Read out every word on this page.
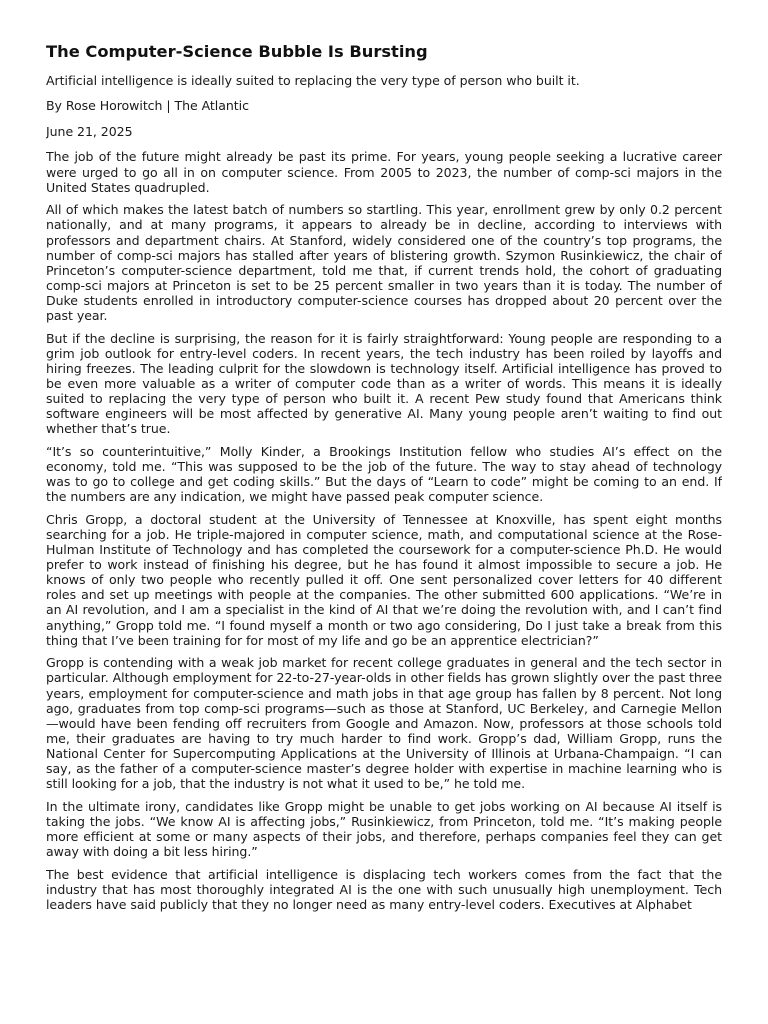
The Computer-Science Bubble Is Bursting

Artificial intelligence is ideally suited to replacing the very type of person who built it.

By Rose Horowitch | The Atlantic

June 21, 2025

The job of the future might already be past its prime. For years, young people seeking a lucrative career were urged to go all in on computer science. From 2005 to 2023, the number of comp-sci majors in the United States quadrupled.

All of which makes the latest batch of numbers so startling. This year, enrollment grew by only 0.2 percent nationally, and at many programs, it appears to already be in decline, according to interviews with professors and department chairs. At Stanford, widely considered one of the country’s top programs, the number of comp-sci majors has stalled after years of blistering growth. Szymon Rusinkiewicz, the chair of Princeton’s computer-science department, told me that, if current trends hold, the cohort of graduating comp-sci majors at Princeton is set to be 25 percent smaller in two years than it is today. The number of Duke students enrolled in introductory computer-science courses has dropped about 20 percent over the past year.

But if the decline is surprising, the reason for it is fairly straightforward: Young people are responding to a grim job outlook for entry-level coders. In recent years, the tech industry has been roiled by layoffs and hiring freezes. The leading culprit for the slowdown is technology itself. Artificial intelligence has proved to be even more valuable as a writer of computer code than as a writer of words. This means it is ideally suited to replacing the very type of person who built it. A recent Pew study found that Americans think software engineers will be most affected by generative AI. Many young people aren’t waiting to find out whether that’s true.

“It’s so counterintuitive,” Molly Kinder, a Brookings Institution fellow who studies AI’s effect on the economy, told me. “This was supposed to be the job of the future. The way to stay ahead of technology was to go to college and get coding skills.” But the days of “Learn to code” might be coming to an end. If the numbers are any indication, we might have passed peak computer science.

Chris Gropp, a doctoral student at the University of Tennessee at Knoxville, has spent eight months searching for a job. He triple-majored in computer science, math, and computational science at the Rose-Hulman Institute of Technology and has completed the coursework for a computer-science Ph.D. He would prefer to work instead of finishing his degree, but he has found it almost impossible to secure a job. He knows of only two people who recently pulled it off. One sent personalized cover letters for 40 different roles and set up meetings with people at the companies. The other submitted 600 applications. “We’re in an AI revolution, and I am a specialist in the kind of AI that we’re doing the revolution with, and I can’t find anything,” Gropp told me. “I found myself a month or two ago considering, Do I just take a break from this thing that I’ve been training for for most of my life and go be an apprentice electrician?”

Gropp is contending with a weak job market for recent college graduates in general and the tech sector in particular. Although employment for 22-to-27-year-olds in other fields has grown slightly over the past three years, employment for computer-science and math jobs in that age group has fallen by 8 percent. Not long ago, graduates from top comp-sci programs—such as those at Stanford, UC Berkeley, and Carnegie Mellon—would have been fending off recruiters from Google and Amazon. Now, professors at those schools told me, their graduates are having to try much harder to find work. Gropp’s dad, William Gropp, runs the National Center for Supercomputing Applications at the University of Illinois at Urbana-Champaign. “I can say, as the father of a computer-science master’s degree holder with expertise in machine learning who is still looking for a job, that the industry is not what it used to be,” he told me.

In the ultimate irony, candidates like Gropp might be unable to get jobs working on AI because AI itself is taking the jobs. “We know AI is affecting jobs,” Rusinkiewicz, from Princeton, told me. “It’s making people more efficient at some or many aspects of their jobs, and therefore, perhaps companies feel they can get away with doing a bit less hiring.”

The best evidence that artificial intelligence is displacing tech workers comes from the fact that the industry that has most thoroughly integrated AI is the one with such unusually high unemployment. Tech leaders have said publicly that they no longer need as many entry-level coders. Executives at Alphabet
